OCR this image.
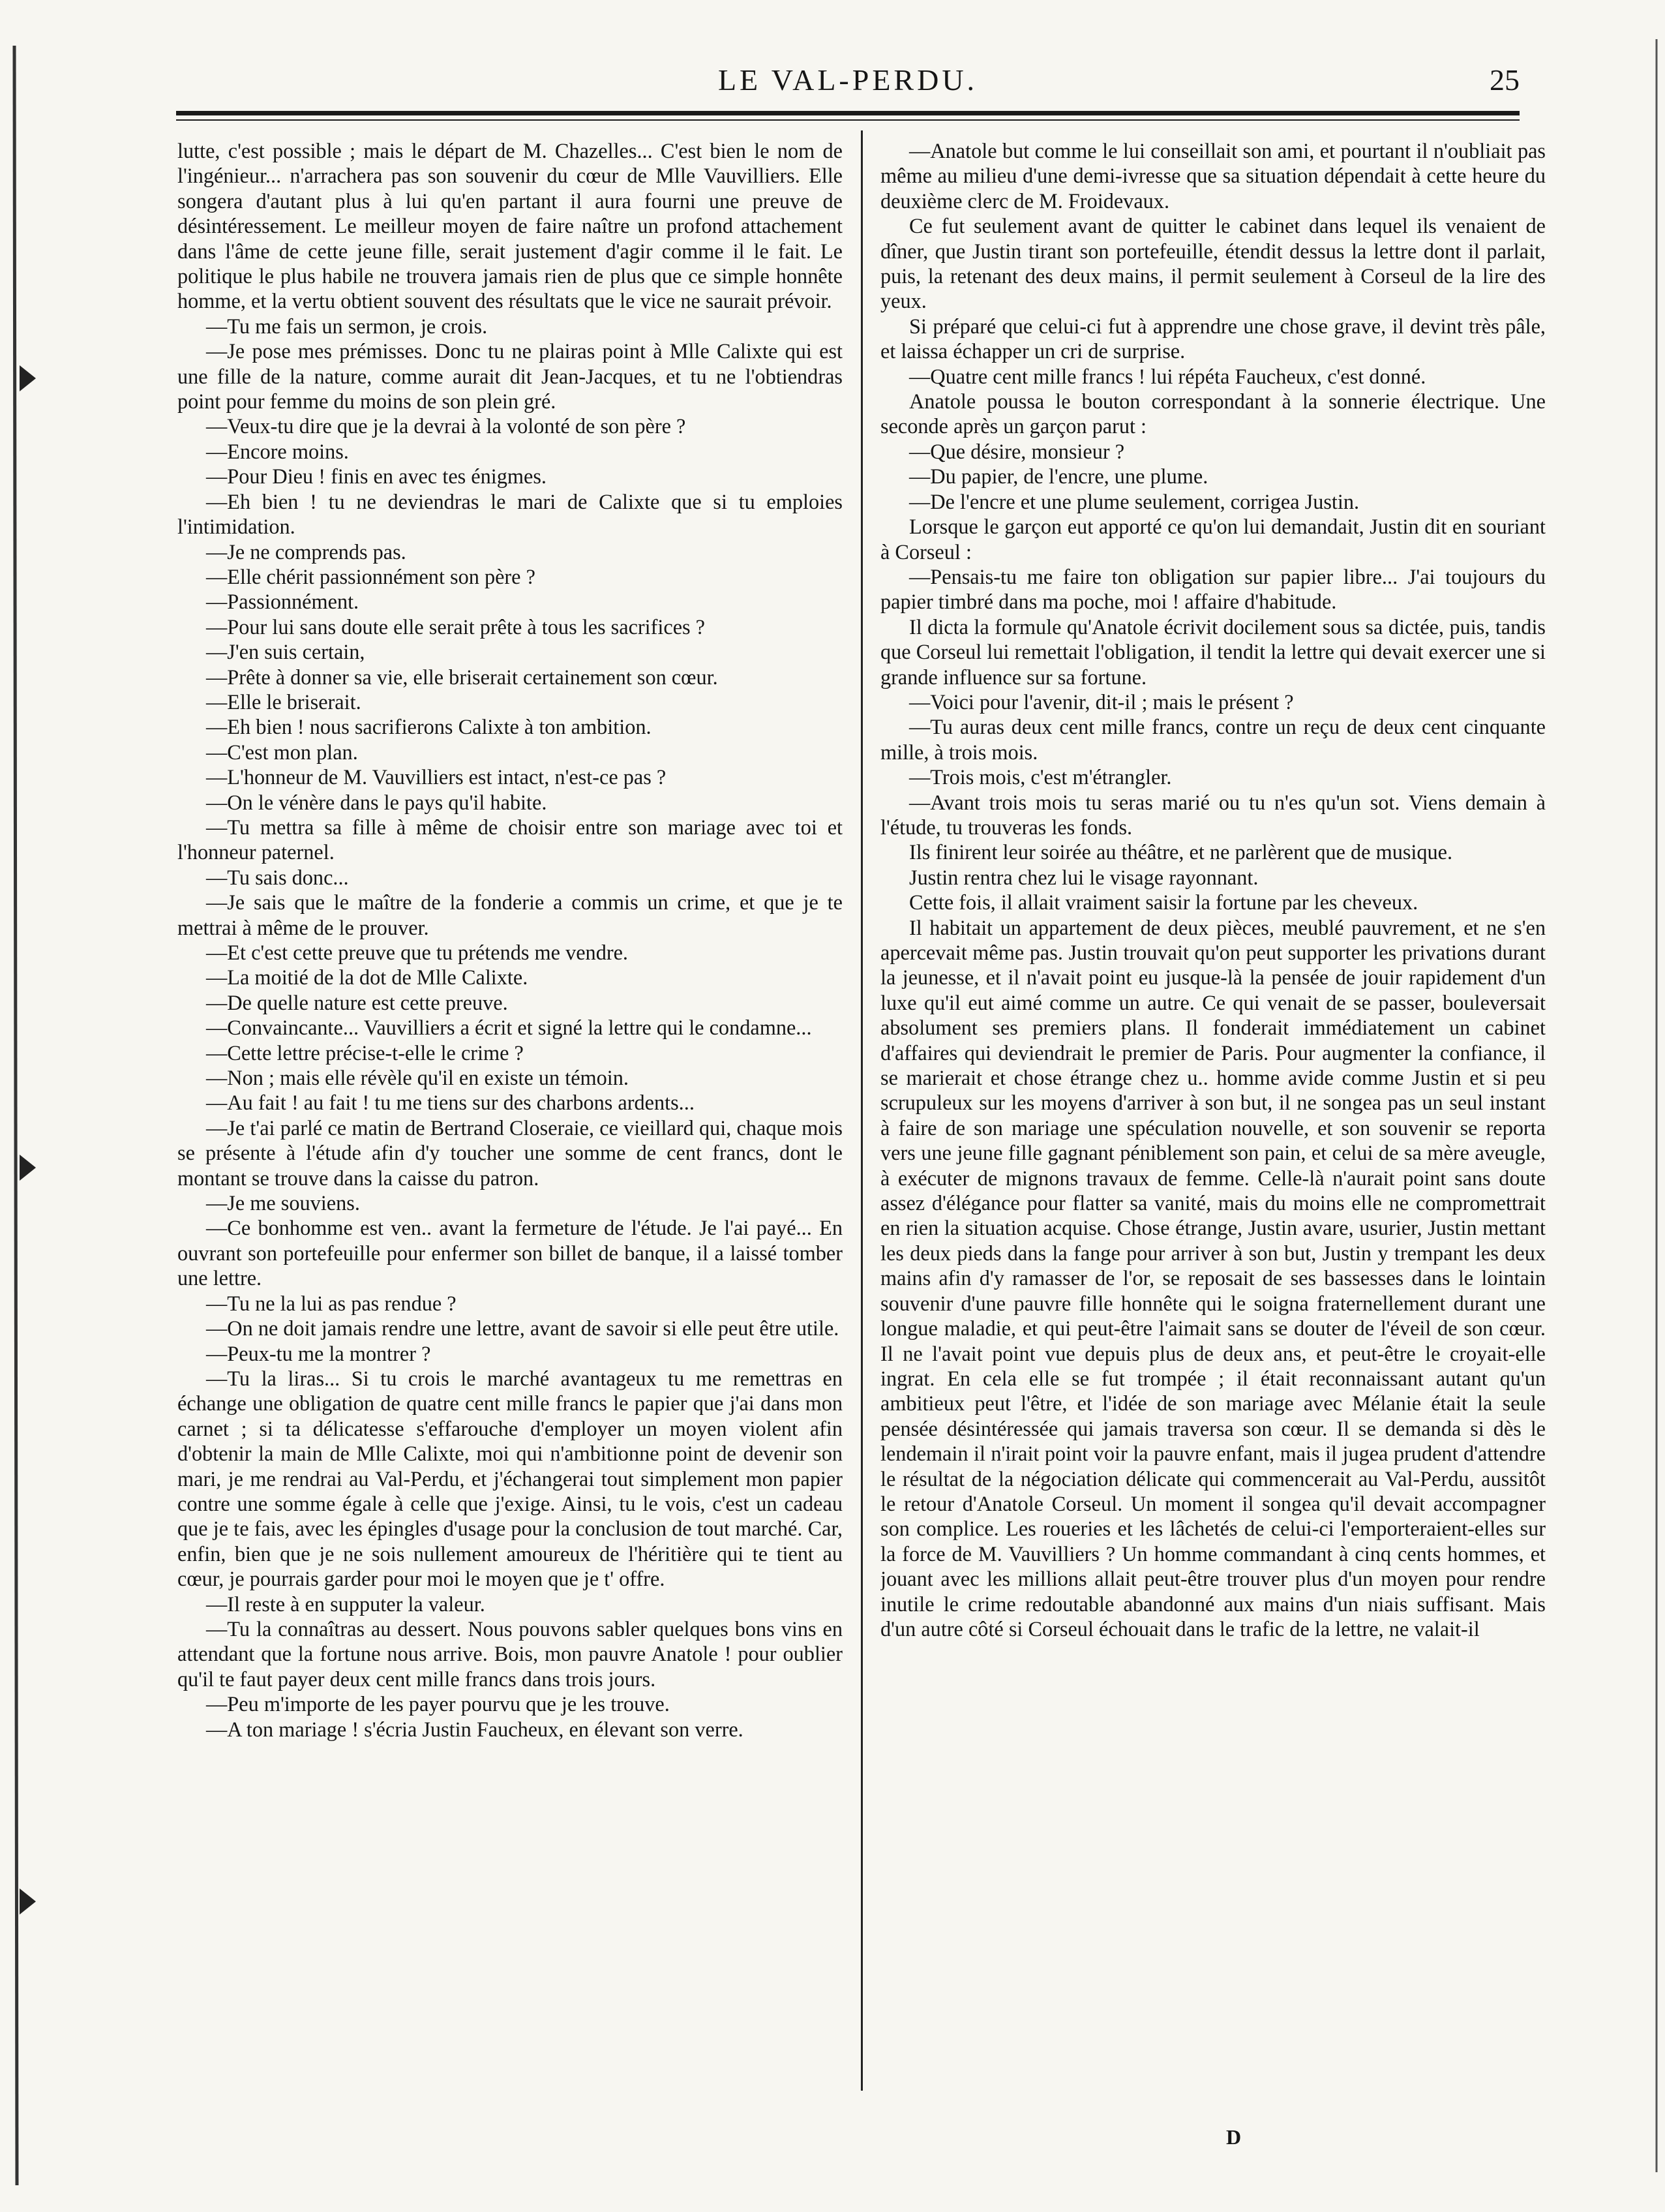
LE VAL-PERDU.	25

lutte, c'est possible ; mais le départ de M. Chazelles... C'est bien le nom de l'ingénieur... n'arrachera pas son souvenir du cœur de Mlle Vauvilliers. Elle songera d'autant plus à lui qu'en partant il aura fourni une preuve de désintéressement. Le meilleur moyen de faire naître un profond attachement dans l'âme de cette jeune fille, serait justement d'agir comme il le fait. Le politique le plus habile ne trouvera jamais rien de plus que ce simple honnête homme, et la vertu obtient souvent des résultats que le vice ne saurait prévoir.

—Tu me fais un sermon, je crois.

—Je pose mes prémisses. Donc tu ne plairas point à Mlle Calixte qui est une fille de la nature, comme aurait dit Jean-Jacques, et tu ne l'obtiendras point pour femme du moins de son plein gré.

—Veux-tu dire que je la devrai à la volonté de son père ?

—Encore moins.

—Pour Dieu ! finis en avec tes énigmes.

—Eh bien ! tu ne deviendras le mari de Calixte que si tu emploies l'intimidation.

—Je ne comprends pas.

—Elle chérit passionnément son père ?

—Passionnément.

—Pour lui sans doute elle serait prête à tous les sacrifices ?

—J'en suis certain,

—Prête à donner sa vie, elle briserait certainement son cœur.

—Elle le briserait.

—Eh bien ! nous sacrifierons Calixte à ton ambition.

—C'est mon plan.

—L'honneur de M. Vauvilliers est intact, n'est-ce pas ?

—On le vénère dans le pays qu'il habite.

—Tu mettra sa fille à même de choisir entre son mariage avec toi et l'honneur paternel.

—Tu sais donc...

—Je sais que le maître de la fonderie a commis un crime, et que je te mettrai à même de le prouver.

—Et c'est cette preuve que tu prétends me vendre.

—La moitié de la dot de Mlle Calixte.

—De quelle nature est cette preuve.

—Convaincante... Vauvilliers a écrit et signé la lettre qui le condamne...

—Cette lettre précise-t-elle le crime ?

—Non ; mais elle révèle qu'il en existe un témoin.

—Au fait ! au fait ! tu me tiens sur des charbons ardents...

—Je t'ai parlé ce matin de Bertrand Closeraie, ce vieillard qui, chaque mois se présente à l'étude afin d'y toucher une somme de cent francs, dont le montant se trouve dans la caisse du patron.

—Je me souviens.

—Ce bonhomme est ven.. avant la fermeture de l'étude. Je l'ai payé... En ouvrant son portefeuille pour enfermer son billet de banque, il a laissé tomber une lettre.

—Tu ne la lui as pas rendue ?

—On ne doit jamais rendre une lettre, avant de savoir si elle peut être utile.

—Peux-tu me la montrer ?

—Tu la liras... Si tu crois le marché avantageux tu me remettras en échange une obligation de quatre cent mille francs le papier que j'ai dans mon carnet ; si ta délicatesse s'effarouche d'employer un moyen violent afin d'obtenir la main de Mlle Calixte, moi qui n'ambitionne point de devenir son mari, je me rendrai au Val-Perdu, et j'échangerai tout simplement mon papier contre une somme égale à celle que j'exige. Ainsi, tu le vois, c'est un cadeau que je te fais, avec les épingles d'usage pour la conclusion de tout marché. Car, enfin, bien que je ne sois nullement amoureux de l'héritière qui te tient au cœur, je pourrais garder pour moi le moyen que je t' offre.

—Il reste à en supputer la valeur.

—Tu la connaîtras au dessert. Nous pouvons sabler quelques bons vins en attendant que la fortune nous arrive. Bois, mon pauvre Anatole ! pour oublier qu'il te faut payer deux cent mille francs dans trois jours.

—Peu m'importe de les payer pourvu que je les trouve.

—A ton mariage ! s'écria Justin Faucheux, en élevant son verre.

—Anatole but comme le lui conseillait son ami, et pourtant il n'oubliait pas même au milieu d'une demi-ivresse que sa situation dépendait à cette heure du deuxième clerc de M. Froidevaux.

Ce fut seulement avant de quitter le cabinet dans lequel ils venaient de dîner, que Justin tirant son portefeuille, étendit dessus la lettre dont il parlait, puis, la retenant des deux mains, il permit seulement à Corseul de la lire des yeux.

Si préparé que celui-ci fut à apprendre une chose grave, il devint très pâle, et laissa échapper un cri de surprise.

—Quatre cent mille francs ! lui répéta Faucheux, c'est donné.

Anatole poussa le bouton correspondant à la sonnerie électrique. Une seconde après un garçon parut :

—Que désire, monsieur ?

—Du papier, de l'encre, une plume.

—De l'encre et une plume seulement, corrigea Justin.

Lorsque le garçon eut apporté ce qu'on lui demandait, Justin dit en souriant à Corseul :

—Pensais-tu me faire ton obligation sur papier libre... J'ai toujours du papier timbré dans ma poche, moi ! affaire d'habitude.

Il dicta la formule qu'Anatole écrivit docilement sous sa dictée, puis, tandis que Corseul lui remettait l'obligation, il tendit la lettre qui devait exercer une si grande influence sur sa fortune.

—Voici pour l'avenir, dit-il ; mais le présent ?

—Tu auras deux cent mille francs, contre un reçu de deux cent cinquante mille, à trois mois.

—Trois mois, c'est m'étrangler.

—Avant trois mois tu seras marié ou tu n'es qu'un sot. Viens demain à l'étude, tu trouveras les fonds.

Ils finirent leur soirée au théâtre, et ne parlèrent que de musique.

Justin rentra chez lui le visage rayonnant.

Cette fois, il allait vraiment saisir la fortune par les cheveux.

Il habitait un appartement de deux pièces, meublé pauvrement, et ne s'en apercevait même pas. Justin trouvait qu'on peut supporter les privations durant la jeunesse, et il n'avait point eu jusque-là la pensée de jouir rapidement d'un luxe qu'il eut aimé comme un autre. Ce qui venait de se passer, bouleversait absolument ses premiers plans. Il fonderait immédiatement un cabinet d'affaires qui deviendrait le premier de Paris. Pour augmenter la confiance, il se marierait et chose étrange chez u.. homme avide comme Justin et si peu scrupuleux sur les moyens d'arriver à son but, il ne songea pas un seul instant à faire de son mariage une spéculation nouvelle, et son souvenir se reporta vers une jeune fille gagnant péniblement son pain, et celui de sa mère aveugle, à exécuter de mignons travaux de femme. Celle-là n'aurait point sans doute assez d'élégance pour flatter sa vanité, mais du moins elle ne compromettrait en rien la situation acquise. Chose étrange, Justin avare, usurier, Justin mettant les deux pieds dans la fange pour arriver à son but, Justin y trempant les deux mains afin d'y ramasser de l'or, se reposait de ses bassesses dans le lointain souvenir d'une pauvre fille honnête qui le soigna fraternellement durant une longue maladie, et qui peut-être l'aimait sans se douter de l'éveil de son cœur. Il ne l'avait point vue depuis plus de deux ans, et peut-être le croyait-elle ingrat. En cela elle se fut trompée ; il était reconnaissant autant qu'un ambitieux peut l'être, et l'idée de son mariage avec Mélanie était la seule pensée désintéressée qui jamais traversa son cœur. Il se demanda si dès le lendemain il n'irait point voir la pauvre enfant, mais il jugea prudent d'attendre le résultat de la négociation délicate qui commencerait au Val-Perdu, aussitôt le retour d'Anatole Corseul. Un moment il songea qu'il devait accompagner son complice. Les roueries et les lâchetés de celui-ci l'emporteraient-elles sur la force de M. Vauvilliers ? Un homme commandant à cinq cents hommes, et jouant avec les millions allait peut-être trouver plus d'un moyen pour rendre inutile le crime redoutable abandonné aux mains d'un niais suffisant. Mais d'un autre côté si Corseul échouait dans le trafic de la lettre, ne valait-il

D
